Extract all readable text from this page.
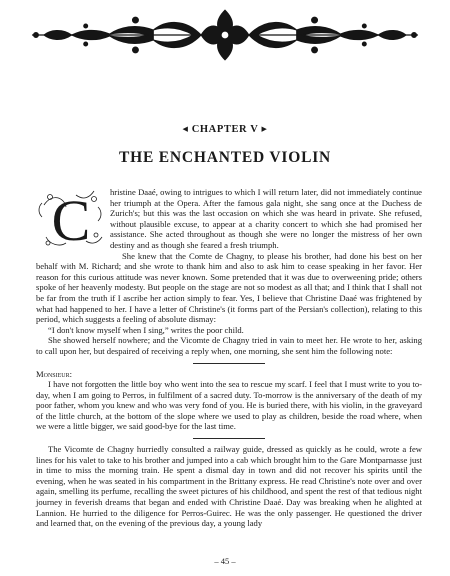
◀ CHAPTER V ▶
THE ENCHANTED VIOLIN
C	hristine Daaé, owing to intrigues to which I will return later, did not immediately continue her triumph at the Opera. After the famous gala night, she sang once at the Duchess de Zurich's; but this was the last occasion on which she was heard in private. She refused, without plausible excuse, to appear at a charity concert to which she had promised her assistance. She acted throughout as though she were no longer the mistress of her own destiny and as though she feared a fresh triumph.

She knew that the Comte de Chagny, to please his brother, had done his best on her behalf with M. Richard; and she wrote to thank him and also to ask him to cease speaking in her favor. Her reason for this curious attitude was never known. Some pretended that it was due to overweening pride; others spoke of her heavenly modesty. But people on the stage are not so modest as all that; and I think that I shall not be far from the truth if I ascribe her action simply to fear. Yes, I believe that Christine Daaé was frightened by what had happened to her. I have a letter of Christine's (it forms part of the Persian's collection), relating to this period, which suggests a feeling of absolute dismay:

“I don't know myself when I sing,” writes the poor child.

She showed herself nowhere; and the Vicomte de Chagny tried in vain to meet her. He wrote to her, asking to call upon her, but despaired of receiving a reply when, one morning, she sent him the following note:

Monsieur:

I have not forgotten the little boy who went into the sea to rescue my scarf. I feel that I must write to you to-day, when I am going to Perros, in fulfilment of a sacred duty. To-morrow is the anniversary of the death of my poor father, whom you knew and who was very fond of you. He is buried there, with his violin, in the graveyard of the little church, at the bottom of the slope where we used to play as children, beside the road where, when we were a little bigger, we said good-bye for the last time.

The Vicomte de Chagny hurriedly consulted a railway guide, dressed as quickly as he could, wrote a few lines for his valet to take to his brother and jumped into a cab which brought him to the Gare Montparnasse just in time to miss the morning train. He spent a dismal day in town and did not recover his spirits until the evening, when he was seated in his compartment in the Brittany express. He read Christine's note over and over again, smelling its perfume, recalling the sweet pictures of his childhood, and spent the rest of that tedious night journey in feverish dreams that began and ended with Christine Daaé. Day was breaking when he alighted at Lannion. He hurried to the diligence for Perros-Guirec. He was the only passenger. He questioned the driver and learned that, on the evening of the previous day, a young lady

– 45 –
